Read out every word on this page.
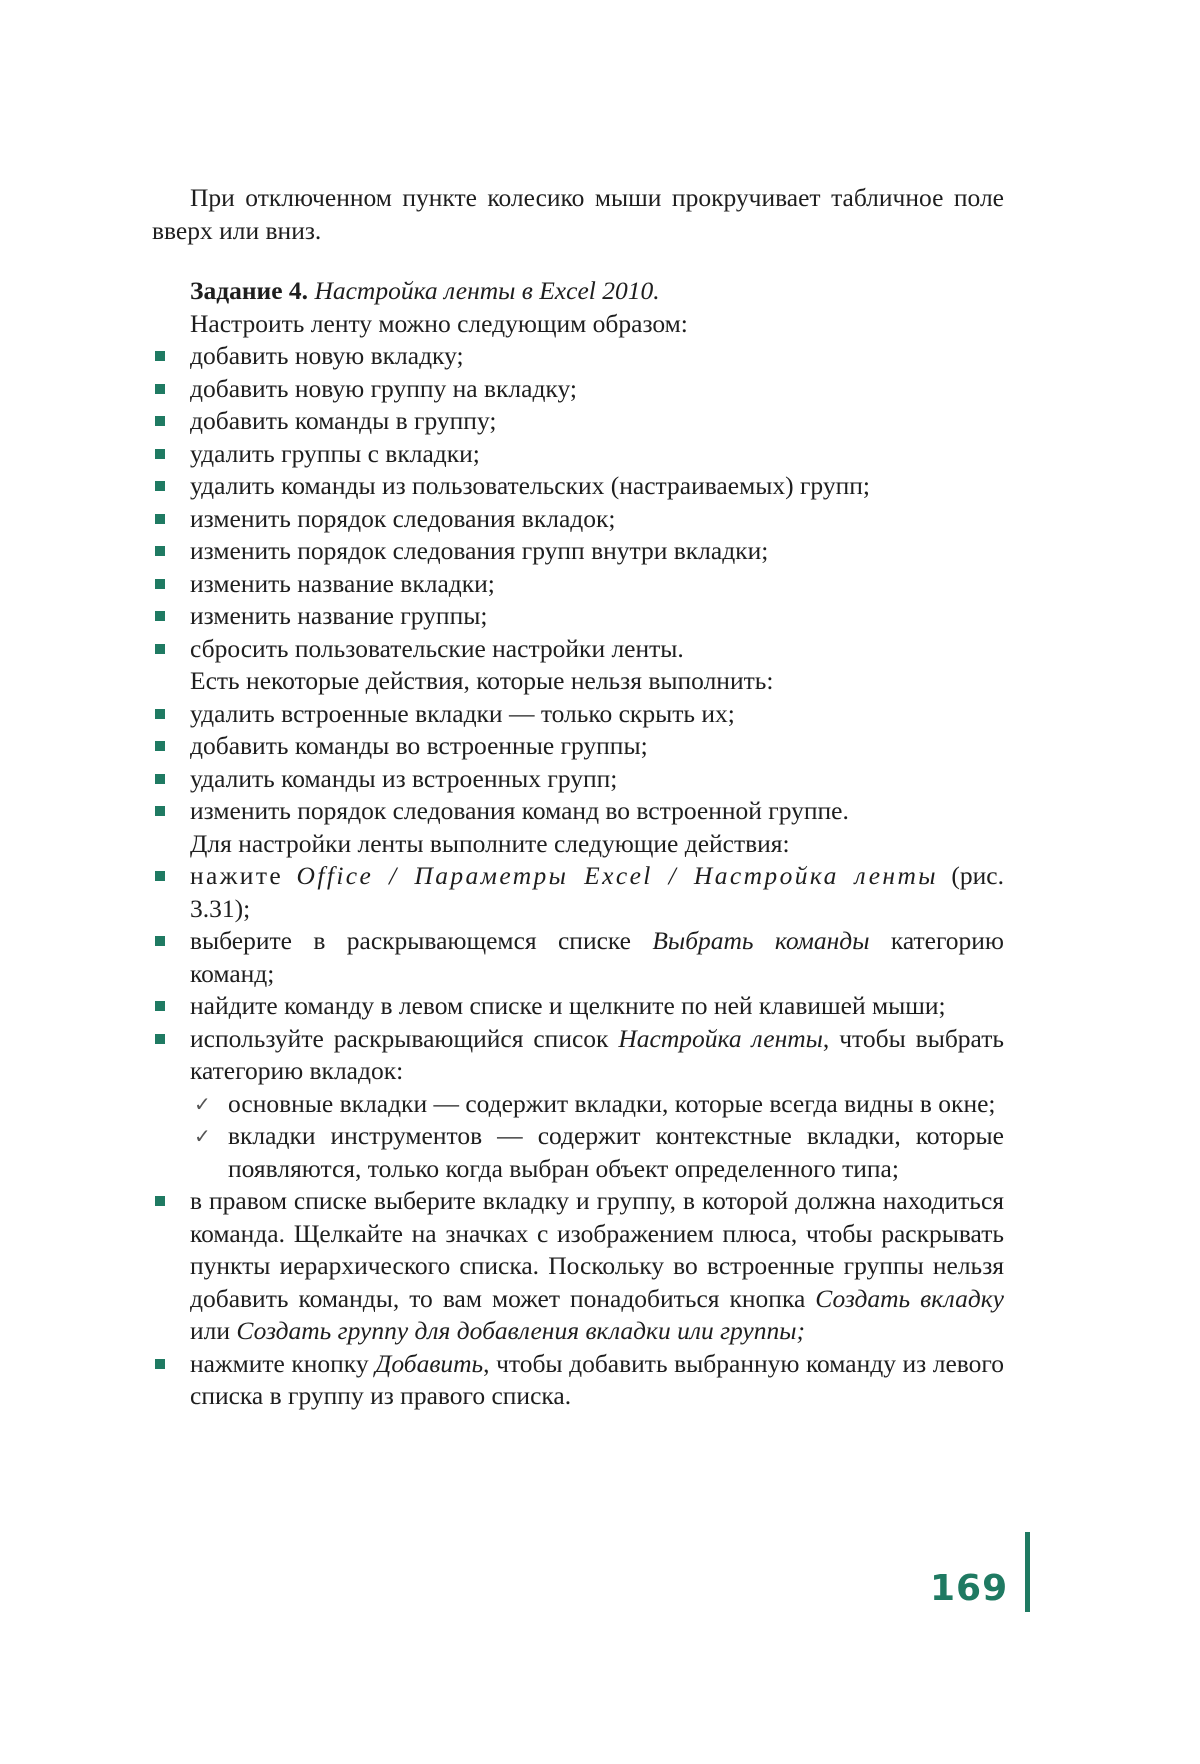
При отключенном пункте колесико мыши прокручивает табличное поле вверх или вниз.
Задание 4. Настройка ленты в Excel 2010.
Настроить ленту можно следующим образом:
добавить новую вкладку;
добавить новую группу на вкладку;
добавить команды в группу;
удалить группы с вкладки;
удалить команды из пользовательских (настраиваемых) групп;
изменить порядок следования вкладок;
изменить порядок следования групп внутри вкладки;
изменить название вкладки;
изменить название группы;
сбросить пользовательские настройки ленты.
Есть некоторые действия, которые нельзя выполнить:
удалить встроенные вкладки — только скрыть их;
добавить команды во встроенные группы;
удалить команды из встроенных групп;
изменить порядок следования команд во встроенной группе.
Для настройки ленты выполните следующие действия:
нажите Office / Параметры Excel / Настройка ленты (рис. 3.31);
выберите в раскрывающемся списке Выбрать команды категорию команд;
найдите команду в левом списке и щелкните по ней клавишей мыши;
используйте раскрывающийся список Настройка ленты, чтобы выбрать категорию вкладок:
✓ основные вкладки — содержит вкладки, которые всегда видны в окне;
✓ вкладки инструментов — содержит контекстные вкладки, которые появляются, только когда выбран объект определенного типа;
в правом списке выберите вкладку и группу, в которой должна находиться команда. Щелкайте на значках с изображением плюса, чтобы раскрывать пункты иерархического списка. Поскольку во встроенные группы нельзя добавить команды, то вам может понадобиться кнопка Создать вкладку или Создать группу для добавления вкладки или группы;
нажмите кнопку Добавить, чтобы добавить выбранную команду из левого списка в группу из правого списка.
169
